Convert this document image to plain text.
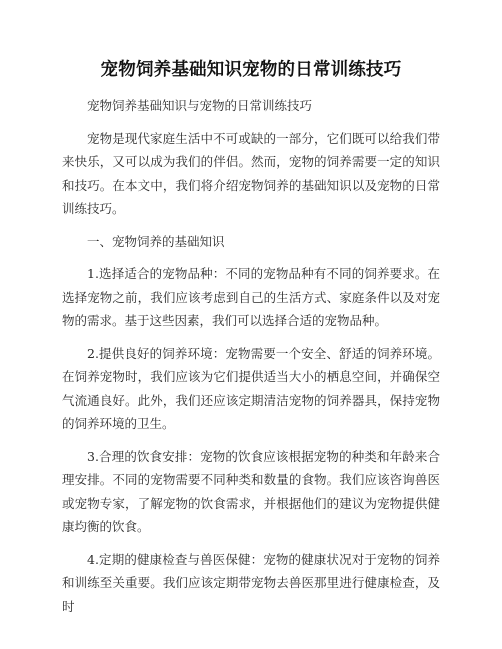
宠物饲养基础知识宠物的日常训练技巧

宠物饲养基础知识与宠物的日常训练技巧

宠物是现代家庭生活中不可或缺的一部分，它们既可以给我们带来快乐，又可以成为我们的伴侣。然而，宠物的饲养需要一定的知识和技巧。在本文中，我们将介绍宠物饲养的基础知识以及宠物的日常训练技巧。

一、宠物饲养的基础知识

1.选择适合的宠物品种：不同的宠物品种有不同的饲养要求。在选择宠物之前，我们应该考虑到自己的生活方式、家庭条件以及对宠物的需求。基于这些因素，我们可以选择合适的宠物品种。

2.提供良好的饲养环境：宠物需要一个安全、舒适的饲养环境。在饲养宠物时，我们应该为它们提供适当大小的栖息空间，并确保空气流通良好。此外，我们还应该定期清洁宠物的饲养器具，保持宠物的饲养环境的卫生。

3.合理的饮食安排：宠物的饮食应该根据宠物的种类和年龄来合理安排。不同的宠物需要不同种类和数量的食物。我们应该咨询兽医或宠物专家，了解宠物的饮食需求，并根据他们的建议为宠物提供健康均衡的饮食。

4.定期的健康检查与兽医保健：宠物的健康状况对于宠物的饲养和训练至关重要。我们应该定期带宠物去兽医那里进行健康检查，及时
